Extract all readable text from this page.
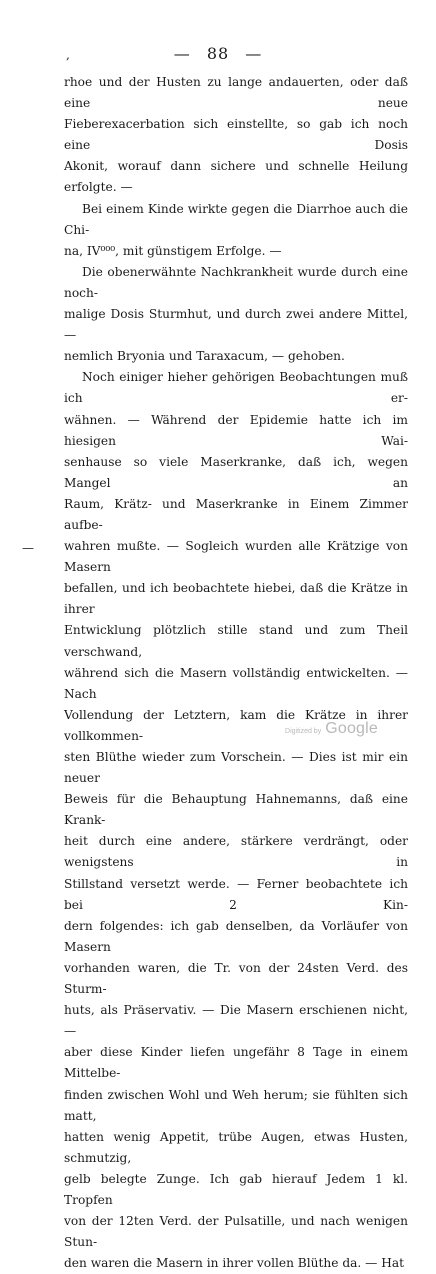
,	— 88 —
—

rhoe und der Husten zu lange andauerten, oder daß eine neue

Fieberexacerbation sich einstellte, so gab ich noch eine Dosis

Akonit, worauf dann sichere und schnelle Heilung erfolgte. —

Bei einem Kinde wirkte gegen die Diarrhoe auch die Chi-

na, IV⁰⁰⁰, mit günstigem Erfolge. —

Die obenerwähnte Nachkrankheit wurde durch eine noch-

malige Dosis Sturmhut, und durch zwei andere Mittel, —

nemlich Bryonia und Taraxacum, — gehoben.

Noch einiger hieher gehörigen Beobachtungen muß ich er-

wähnen. — Während der Epidemie hatte ich im hiesigen Wai-

senhause so viele Maserkranke, daß ich, wegen Mangel an

Raum, Krätz- und Maserkranke in Einem Zimmer aufbe-

wahren mußte. — Sogleich wurden alle Krätzige von Masern

befallen, und ich beobachtete hiebei, daß die Krätze in ihrer

Entwicklung plötzlich stille stand und zum Theil verschwand,

während sich die Masern vollständig entwickelten. — Nach

Vollendung der Letztern, kam die Krätze in ihrer vollkommen-

sten Blüthe wieder zum Vorschein. — Dies ist mir ein neuer

Beweis für die Behauptung Hahnemanns, daß eine Krank-

heit durch eine andere, stärkere verdrängt, oder wenigstens in

Stillstand versetzt werde. — Ferner beobachtete ich bei 2 Kin-

dern folgendes: ich gab denselben, da Vorläufer von Masern

vorhanden waren, die Tr. von der 24sten Verd. des Sturm-

huts, als Präservativ. — Die Masern erschienen nicht, —

aber diese Kinder liefen ungefähr 8 Tage in einem Mittelbe-

finden zwischen Wohl und Weh herum; sie fühlten sich matt,

hatten wenig Appetit, trübe Augen, etwas Husten, schmutzig,

gelb belegte Zunge. Ich gab hierauf Jedem 1 kl. Tropfen

von der 12ten Verd. der Pulsatille, und nach wenigen Stun-

den waren die Masern in ihrer vollen Blüthe da. — Hat

Digitized by Google
